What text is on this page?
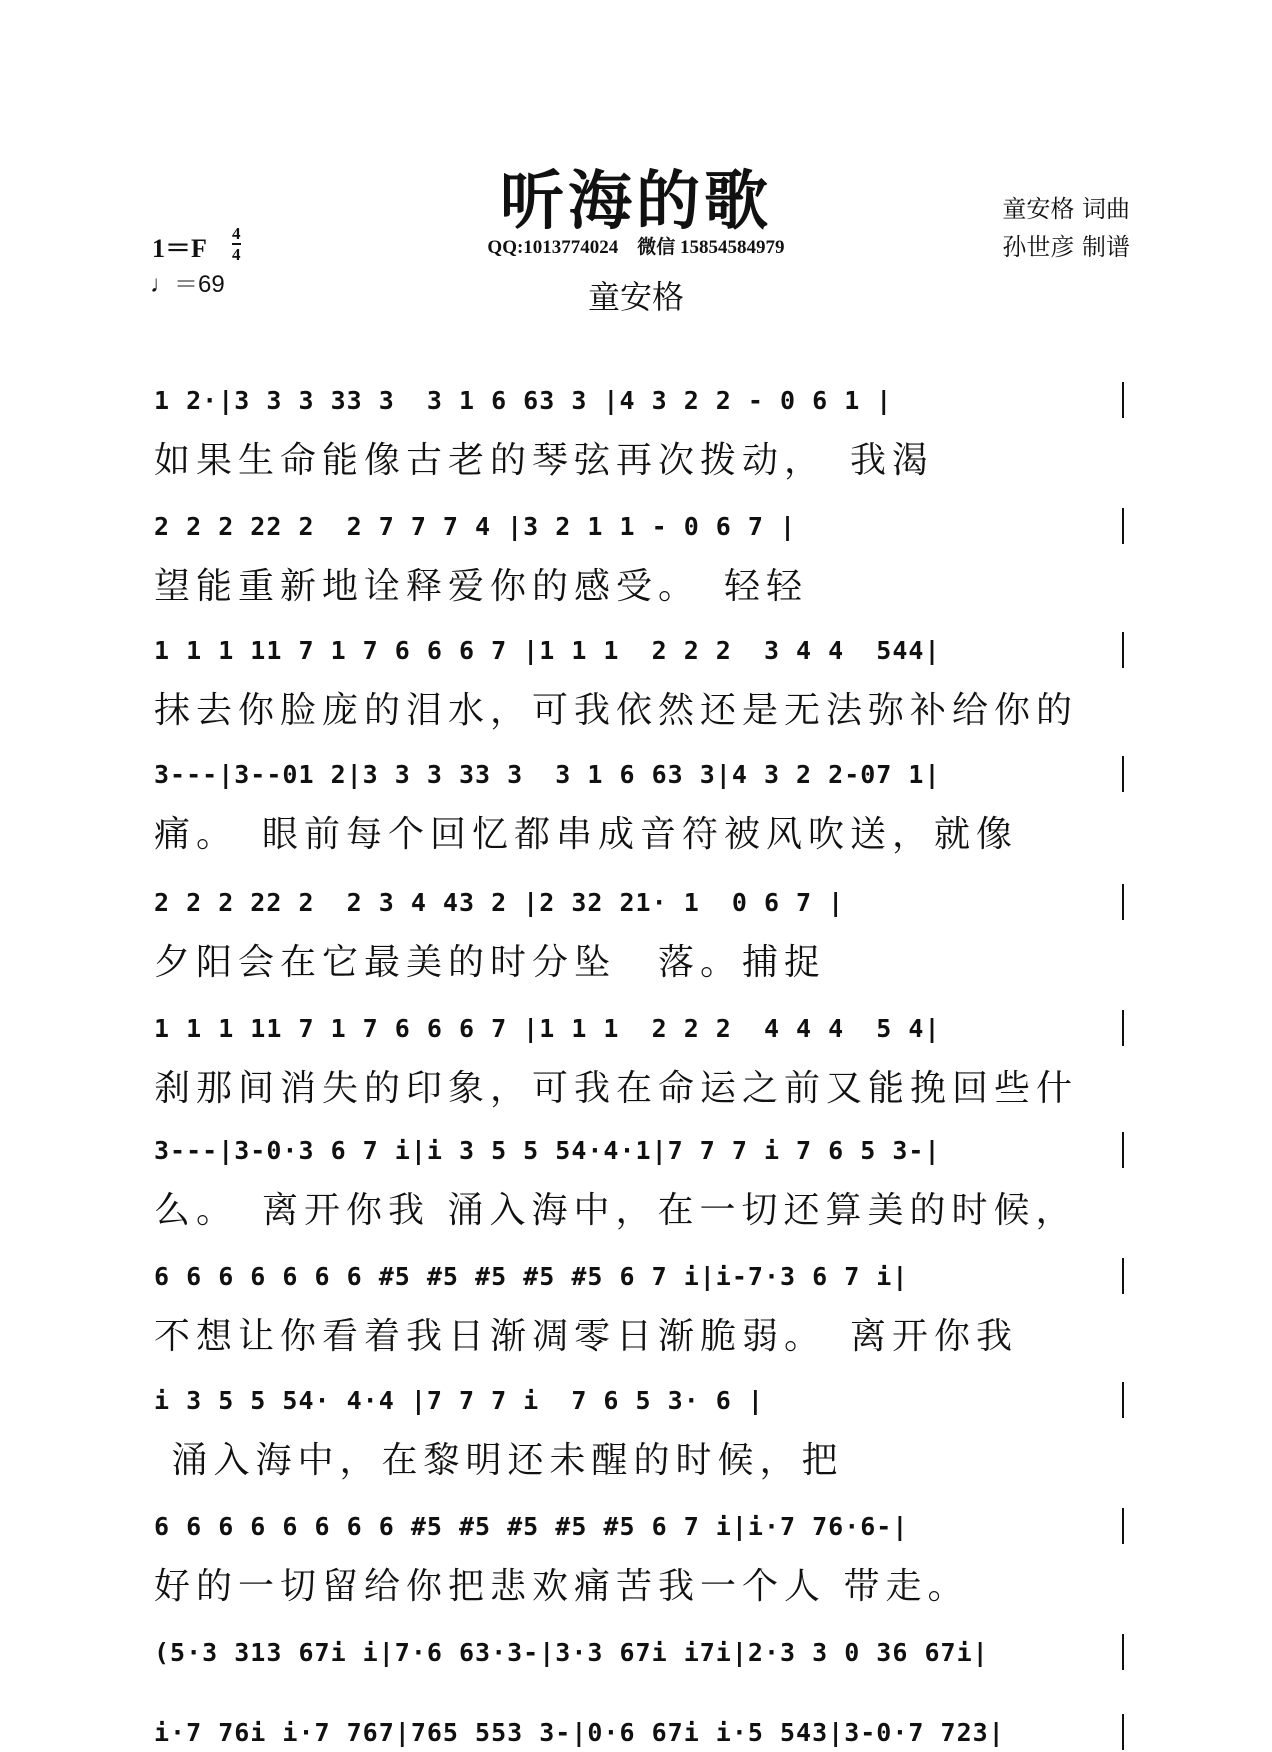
听海的歌
QQ:1013774024　微信 15854584979
童安格
童安格 词曲
孙世彦 制谱
1＝F
4
4
♩＝69
1 2·|3 3 3 33 3  3 1 6 63 3 |4 3 2 2 - 0 6 1 |
如果生命能像古老的琴弦再次拨动，　我渴
2 2 2 22 2  2 7 7 7 4 |3 2 1 1 - 0 6 7 |
望能重新地诠释爱你的感受。　轻轻
1 1 1 11 7 1 7 6 6 6 7 |1 1 1  2 2 2  3 4 4  544|
抹去你脸庞的泪水，可我依然还是无法弥补给你的
3---|3--01 2|3 3 3 33 3  3 1 6 63 3|4 3 2 2-07 1|
痛。　眼前每个回忆都串成音符被风吹送，就像
2 2 2 22 2  2 3 4 43 2 |2 32 21· 1  0 6 7 |
夕阳会在它最美的时分坠　落。捕捉
1 1 1 11 7 1 7 6 6 6 7 |1 1 1  2 2 2  4 4 4  5 4|
刹那间消失的印象，可我在命运之前又能挽回些什
3---|3-0·3 6 7 i|i 3 5 5 54·4·1|7 7 7 i 7 6 5 3-|
么。　离开你我 涌入海中，在一切还算美的时候，
6 6 6 6 6 6 6 #5 #5 #5 #5 #5 6 7 i|i-7·3 6 7 i|
不想让你看着我日渐凋零日渐脆弱。　离开你我
i 3 5 5 54· 4·4 |7 7 7 i  7 6 5 3· 6 |
涌入海中，在黎明还未醒的时候，把
6 6 6 6 6 6 6 6 #5 #5 #5 #5 #5 6 7 i|i·7 76·6-|
好的一切留给你把悲欢痛苦我一个人 带走。
(5·3 313 67i i|7·6 63·3-|3·3 67i i7i|2·3 3 0 36 67i|
i·7 76i i·7 767|765 553 3-|0·6 67i i·5 543|3-0·7 723|
